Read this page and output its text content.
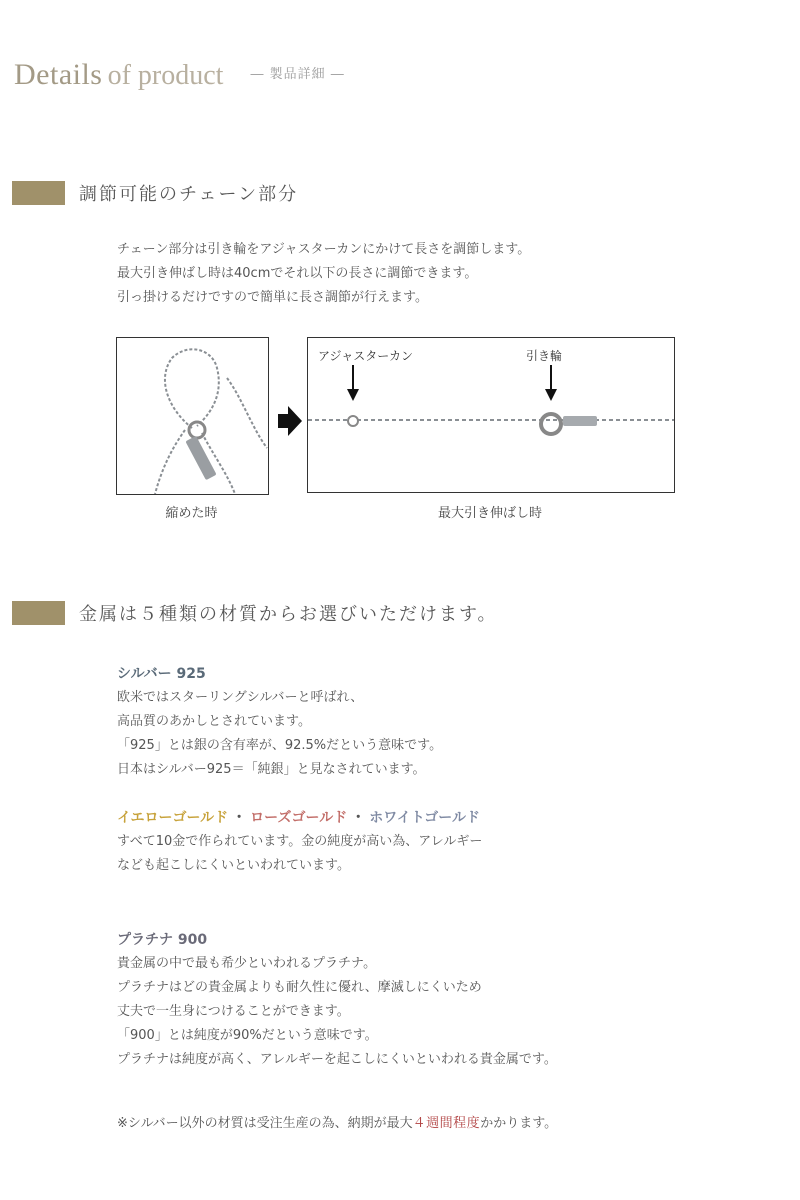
Details of product $^{― 製品詳細 ―}$
調節可能のチェーン部分
チェーン部分は引き輪をアジャスターカンにかけて長さを調節します。
最大引き伸ばし時は40cmでそれ以下の長さに調節できます。
引っ掛けるだけですので簡単に長さ調節が行えます。
縮めた時
アジャスターカン	引き輪
最大引き伸ばし時
金属は５種類の材質からお選びいただけます。
シルバー 925
欧米ではスターリングシルバーと呼ばれ、
高品質のあかしとされています。
「925」とは銀の含有率が、92.5%だという意味です。
日本はシルバー925＝「純銀」と見なされています。
イエローゴールド ・ ローズゴールド ・ ホワイトゴールド
すべて10金で作られています。金の純度が高い為、アレルギー
なども起こしにくいといわれています。
プラチナ 900
貴金属の中で最も希少といわれるプラチナ。
プラチナはどの貴金属よりも耐久性に優れ、摩滅しにくいため
丈夫で一生身につけることができます。
「900」とは純度が90%だという意味です。
プラチナは純度が高く、アレルギーを起こしにくいといわれる貴金属です。
※シルバー以外の材質は受注生産の為、納期が最大４週間程度かかります。
